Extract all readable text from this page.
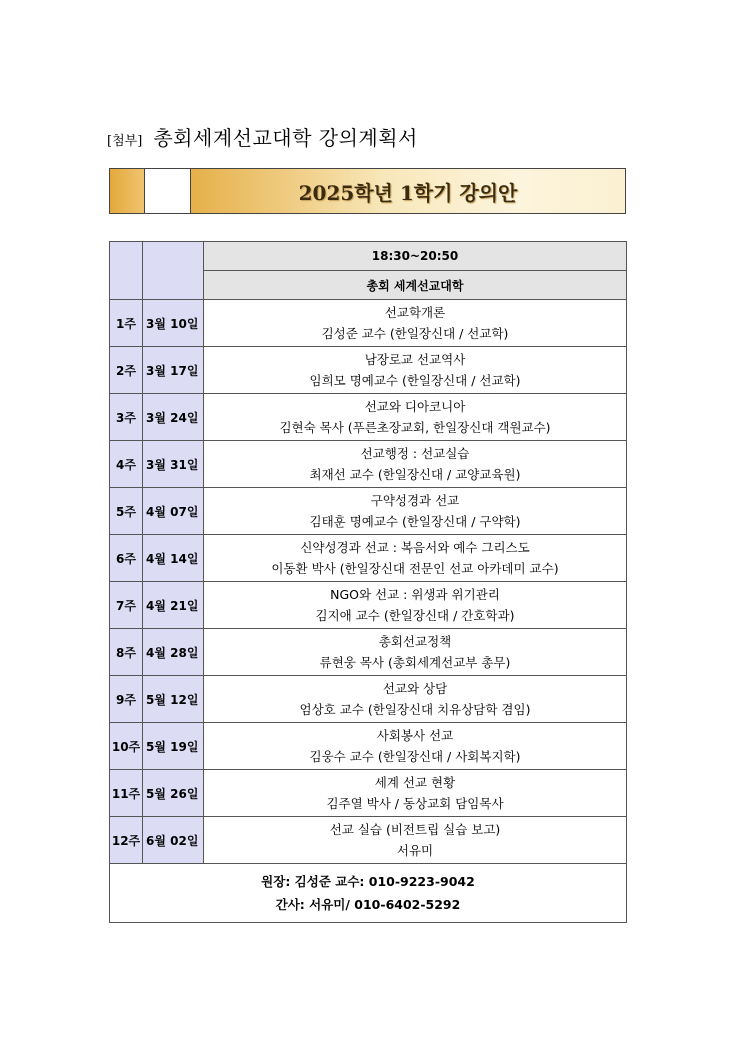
[첨부] 총회세계선교대학 강의계획서
2025학년 1학기 강의안
		18:30~20:50
		총회 세계선교대학
1주	3월 10일	선교학개론
김성준 교수 (한일장신대 / 선교학)

2주	3월 17일	남장로교 선교역사
임희모 명예교수 (한일장신대 / 선교학)

3주	3월 24일	선교와 디아코니아
김현숙 목사 (푸른초장교회, 한일장신대 객원교수)

4주	3월 31일	선교행정 : 선교실습
최재선 교수 (한일장신대 / 교양교육원)

5주	4월 07일	구약성경과 선교
김태훈 명예교수 (한일장신대 / 구약학)

6주	4월 14일	신약성경과 선교 : 복음서와 예수 그리스도
이동환 박사 (한일장신대 전문인 선교 아카데미 교수)

7주	4월 21일	NGO와 선교 : 위생과 위기관리
김지애 교수 (한일장신대 / 간호학과)

8주	4월 28일	총회선교정책
류현웅 목사 (총회세계선교부 총무)

9주	5월 12일	선교와 상담
엄상호 교수 (한일장신대 치유상담학 겸임)

10주	5월 19일	사회봉사 선교
김웅수 교수 (한일장신대 / 사회복지학)

11주	5월 26일	세계 선교 현황
김주열 박사 / 동상교회 담임목사

12주	6월 02일	선교 실습 (비전트립 실습 보고)
서유미

원장: 김성준 교수: 010-9223-9042
간사: 서유미/ 010-6402-5292		
